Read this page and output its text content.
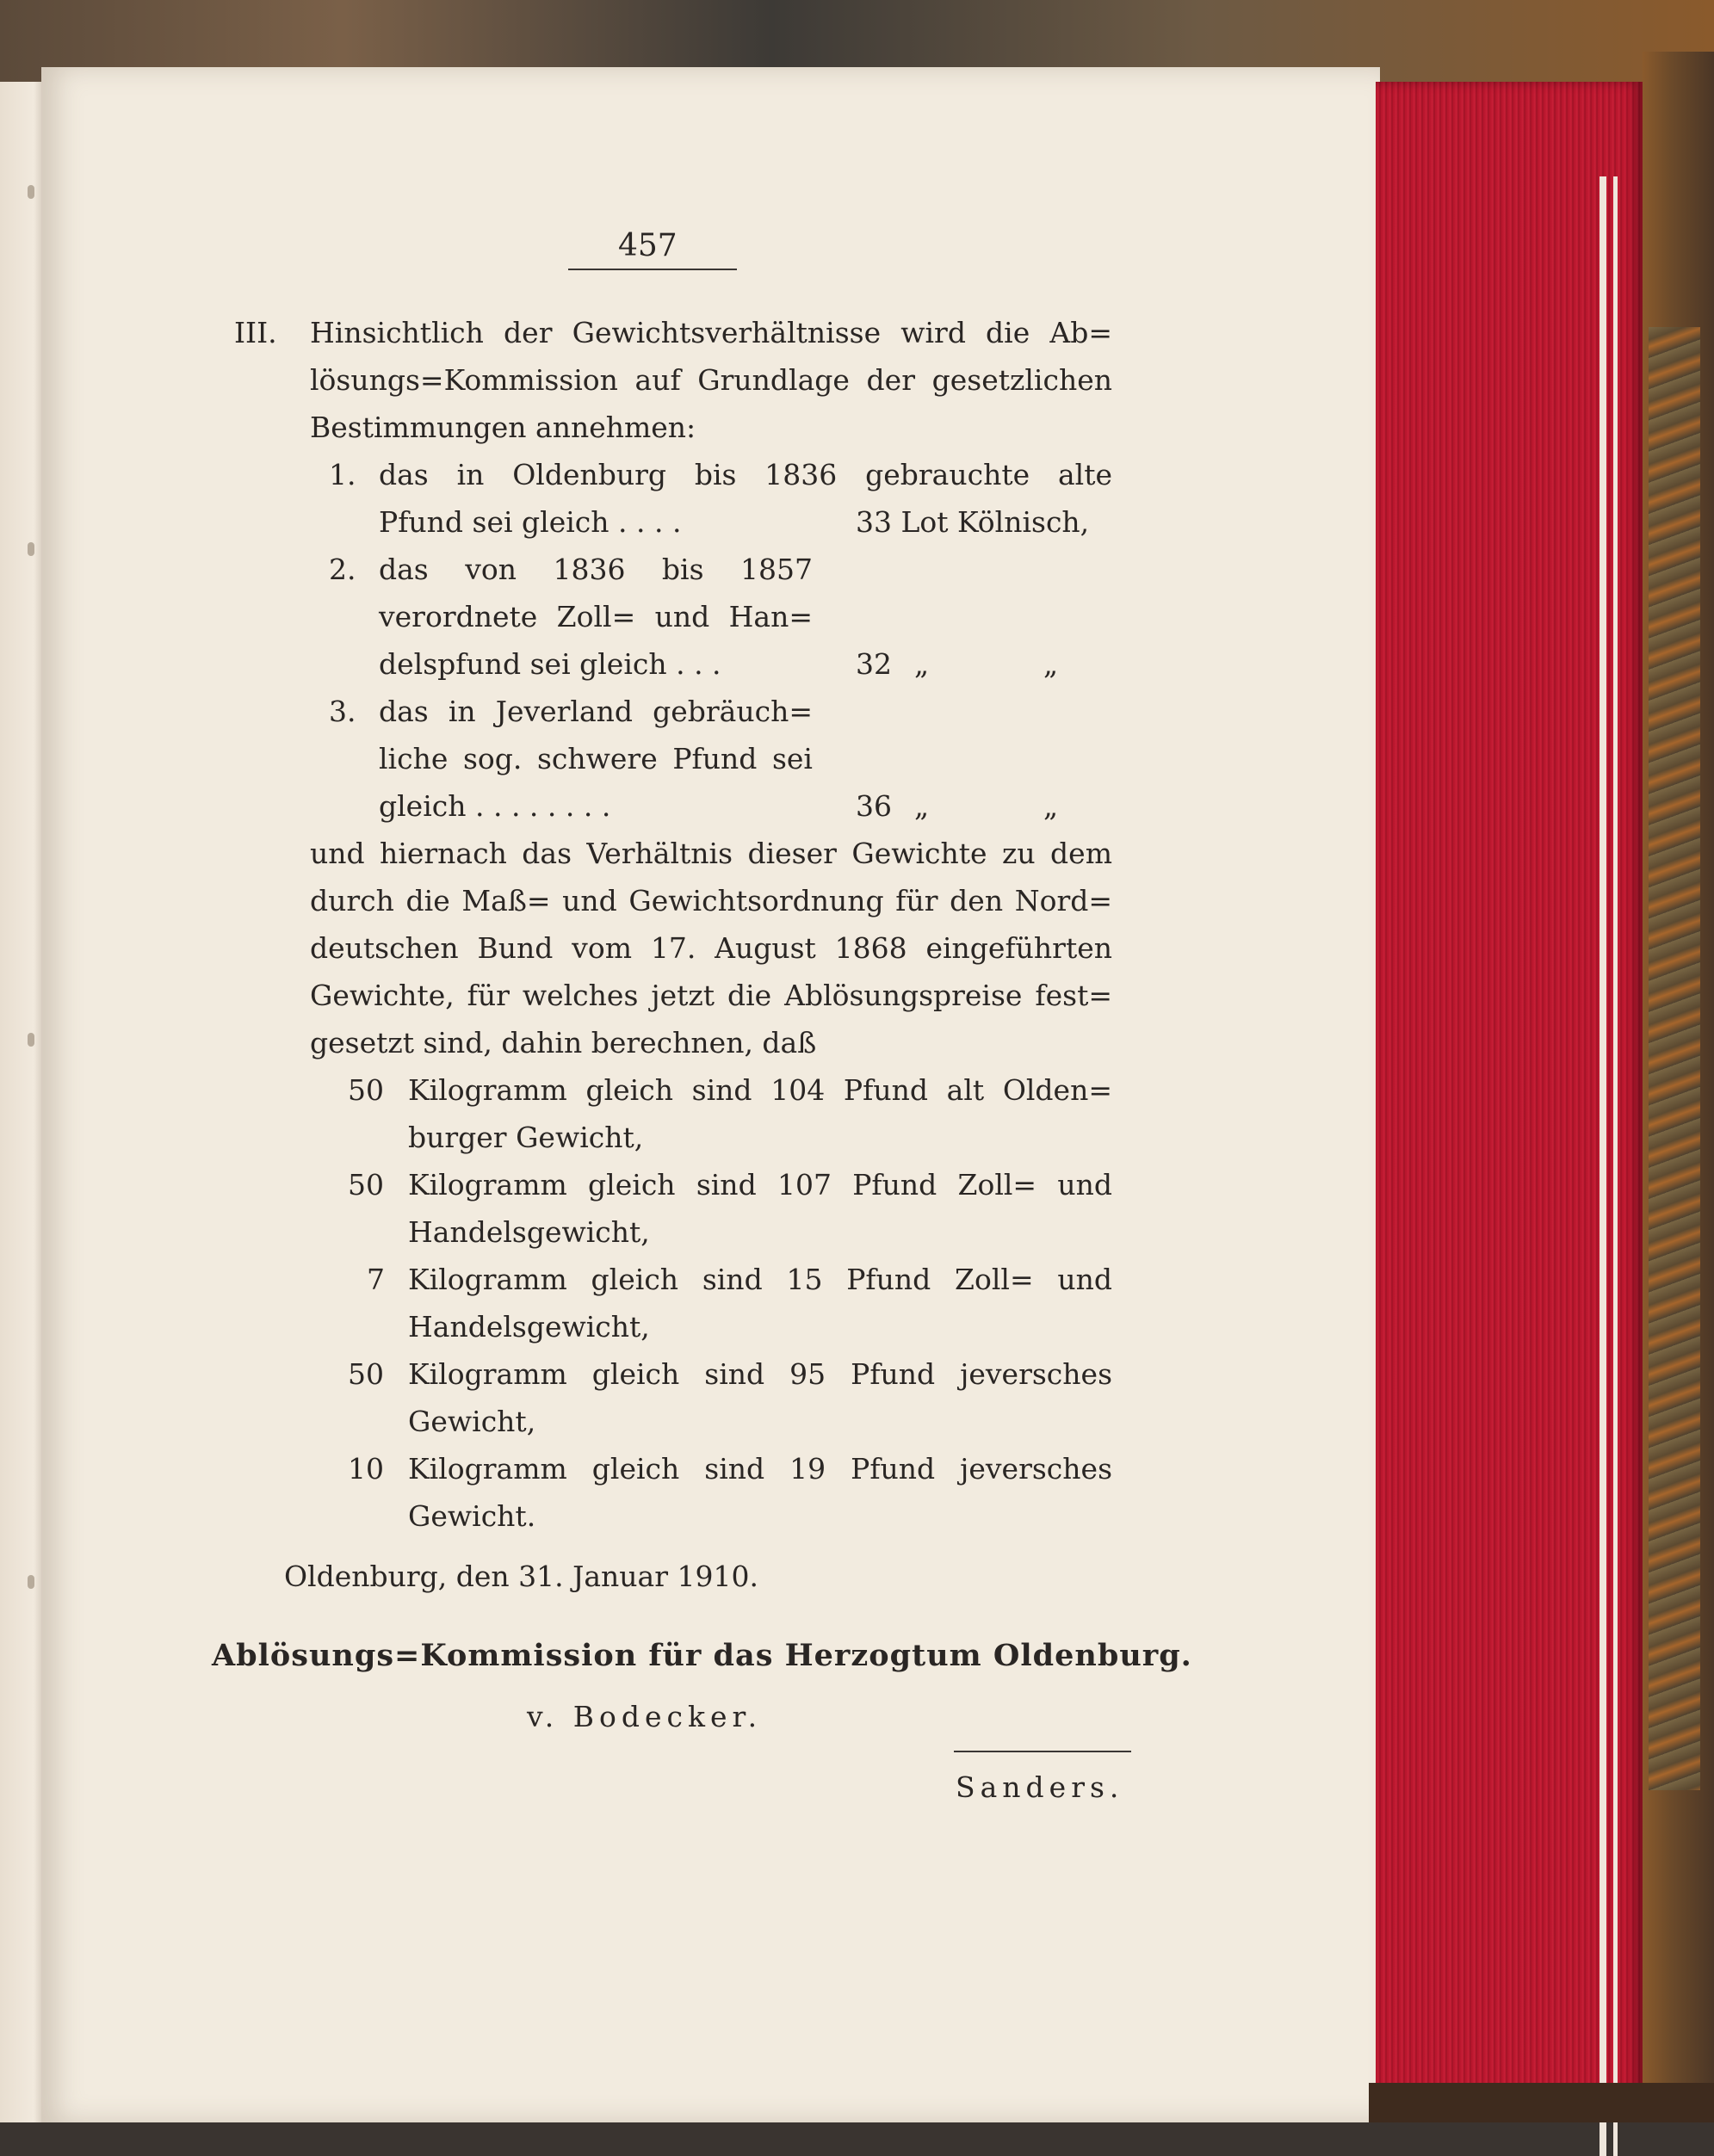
457
III. Hinsichtlich der Gewichtsverhältnisse wird die Ab=
lösungs=Kommission auf Grundlage der gesetzlichen
Bestimmungen annehmen:
1. das in Oldenburg bis 1836 gebrauchte alte
Pfund sei gleich . . . .	33 Lot Kölnisch,
2. das von 1836 bis 1857
verordnete Zoll= und Han=
delspfund sei gleich . . .	32 „	„
3. das in Jeverland gebräuch=
liche sog. schwere Pfund sei
gleich . . . . . . . .	36 „	„
und hiernach das Verhältnis dieser Gewichte zu dem
durch die Maß= und Gewichtsordnung für den Nord=
deutschen Bund vom 17. August 1868 eingeführten
Gewichte, für welches jetzt die Ablösungspreise fest=
gesetzt sind, dahin berechnen, daß
50 Kilogramm gleich sind 104 Pfund alt Olden=
burger Gewicht,
50 Kilogramm gleich sind 107 Pfund Zoll= und
Handelsgewicht,
7 Kilogramm gleich sind 15 Pfund Zoll= und
Handelsgewicht,
50 Kilogramm gleich sind 95 Pfund jeversches
Gewicht,
10 Kilogramm gleich sind 19 Pfund jeversches
Gewicht.
Oldenburg, den 31. Januar 1910.
Ablösungs=Kommission für das Herzogtum Oldenburg.
v. Bodecker.
Sanders.
